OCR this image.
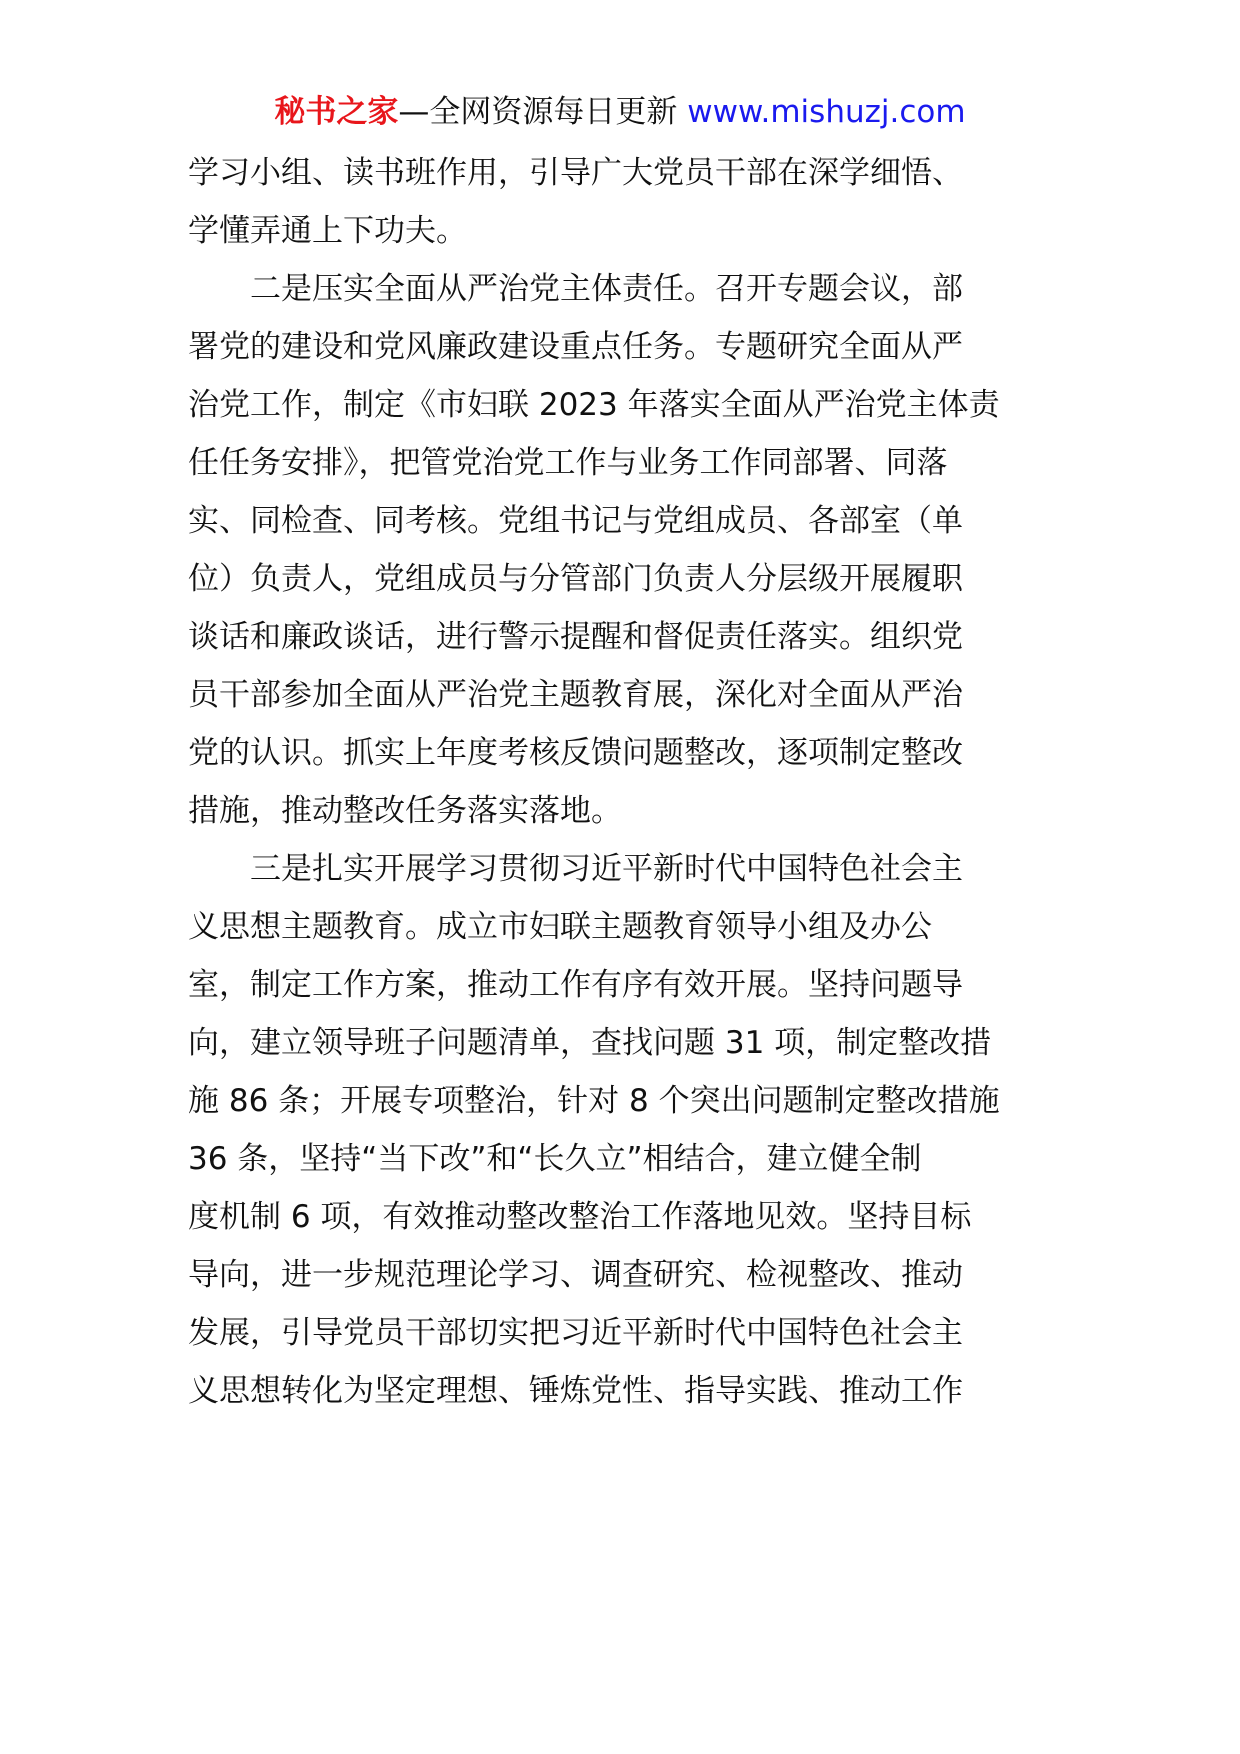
秘书之家—全网资源每日更新 www.mishuzj.com
学习小组、读书班作用，引导广大党员干部在深学细悟、
学懂弄通上下功夫。
二是压实全面从严治党主体责任。召开专题会议，部
署党的建设和党风廉政建设重点任务。专题研究全面从严
治党工作，制定《市妇联 2023 年落实全面从严治党主体责
任任务安排》，把管党治党工作与业务工作同部署、同落
实、同检查、同考核。党组书记与党组成员、各部室（单
位）负责人，党组成员与分管部门负责人分层级开展履职
谈话和廉政谈话，进行警示提醒和督促责任落实。组织党
员干部参加全面从严治党主题教育展，深化对全面从严治
党的认识。抓实上年度考核反馈问题整改，逐项制定整改
措施，推动整改任务落实落地。
三是扎实开展学习贯彻习近平新时代中国特色社会主
义思想主题教育。成立市妇联主题教育领导小组及办公
室，制定工作方案，推动工作有序有效开展。坚持问题导
向，建立领导班子问题清单，查找问题 31 项，制定整改措
施 86 条；开展专项整治，针对 8 个突出问题制定整改措施
36 条，坚持“当下改”和“长久立”相结合，建立健全制
度机制 6 项，有效推动整改整治工作落地见效。坚持目标
导向，进一步规范理论学习、调查研究、检视整改、推动
发展，引导党员干部切实把习近平新时代中国特色社会主
义思想转化为坚定理想、锤炼党性、指导实践、推动工作
